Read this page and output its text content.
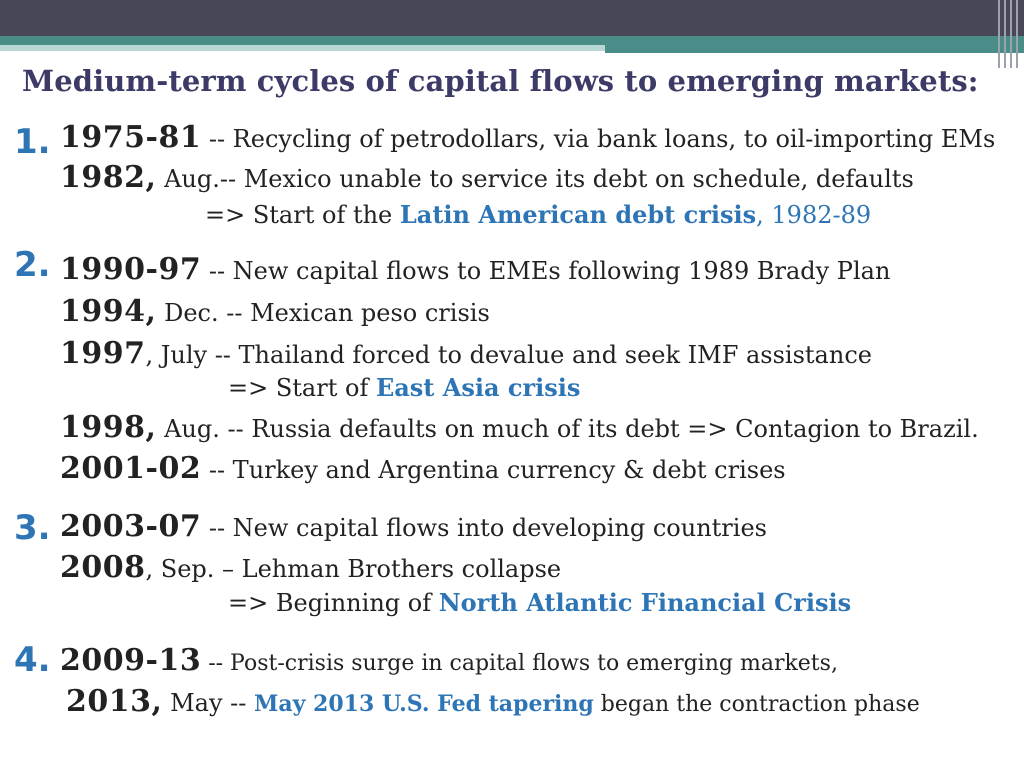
Medium-term cycles of capital flows to emerging markets:
1. 1975-81 -- Recycling of petrodollars, via bank loans, to oil-importing EMs
1982, Aug.-- Mexico unable to service its debt on schedule, defaults
=> Start of the Latin American debt crisis, 1982-89
2. 1990-97 -- New capital flows to EMEs following 1989 Brady Plan
1994, Dec. -- Mexican peso crisis
1997, July -- Thailand forced to devalue and seek IMF assistance
=> Start of East Asia crisis
1998, Aug. -- Russia defaults on much of its debt => Contagion to Brazil.
2001-02 -- Turkey and Argentina currency & debt crises
3. 2003-07 -- New capital flows into developing countries
2008, Sep. – Lehman Brothers collapse
=> Beginning of North Atlantic Financial Crisis
4. 2009-13 -- Post-crisis surge in capital flows to emerging markets,
2013, May -- May 2013 U.S. Fed tapering began the contraction phase
